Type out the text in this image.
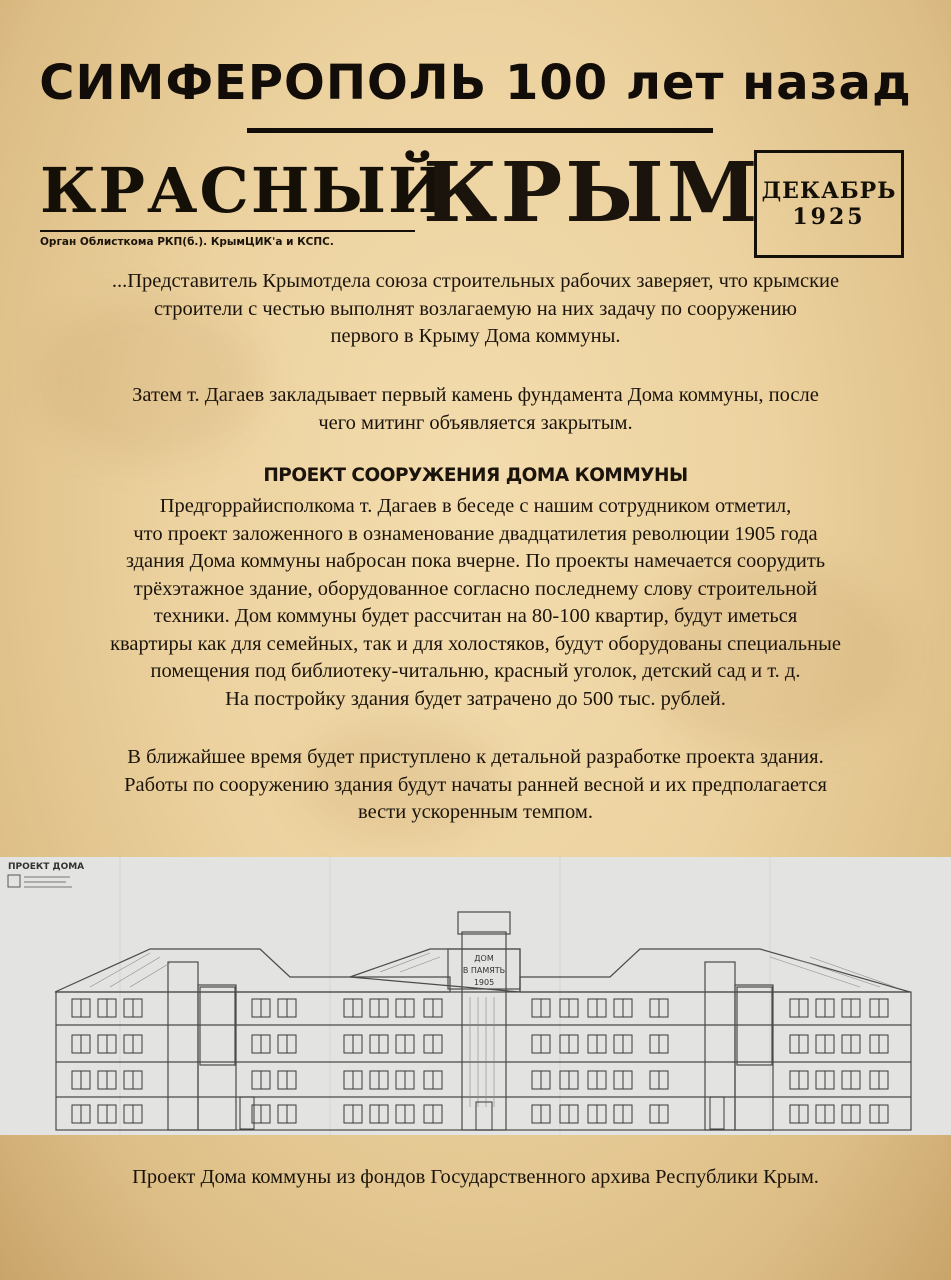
СИМФЕРОПОЛЬ 100 лет назад
КРАСНЫЙ
КРЫМ
Орган Облисткома РКП(б.). КрымЦИК'а и КСПС.
ДЕКАБРЬ
1925

...Представитель Крымотдела союза строительных рабочих заверяет, что крымские
строители с честью выполнят возлагаемую на них задачу по сооружению
первого в Крыму Дома коммуны.

Затем т. Дагаев закладывает первый камень фундамента Дома коммуны, после
чего митинг объявляется закрытым.

ПРОЕКТ СООРУЖЕНИЯ ДОМА КОММУНЫ

Предгоррайисполкома т. Дагаев в беседе с нашим сотрудником отметил,
что проект заложенного в ознаменование двадцатилетия революции 1905 года
здания Дома коммуны набросан пока вчерне. По проекты намечается соорудить
трёхэтажное здание, оборудованное согласно последнему слову строительной
техники. Дом коммуны будет рассчитан на 80-100 квартир, будут иметься
квартиры как для семейных, так и для холостяков, будут оборудованы специальные
помещения под библиотеку-читальню, красный уголок, детский сад и т. д.
На постройку здания будет затрачено до 500 тыс. рублей.

В ближайшее время будет приступлено к детальной разработке проекта здания.
Работы по сооружению здания будут начаты ранней весной и их предполагается
вести ускоренным темпом.

ПРОЕКТ ДОМА
ДОМ
В ПАМЯТЬ
1905
Проект Дома коммуны из фондов Государственного архива Республики Крым.
